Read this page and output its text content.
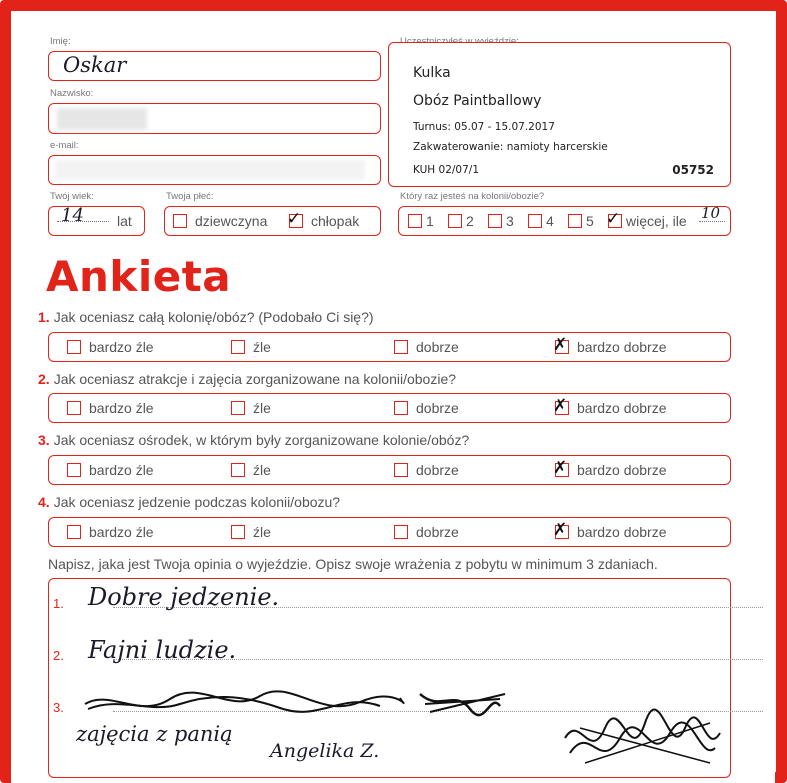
Imię:
Oskar
Nazwisko:
e-mail:
Twój wiek:
14 lat
Twoja płeć:
dziewczyna ✓ chłopak
Kulka
Obóz Paintballowy
Turnus: 05.07 - 15.07.2017
Zakwaterowanie: namioty harcerskie
KUH 02/07/1	05752
Który raz jesteś na kolonii/obozie?
1 2 3 4 5 ✓ więcej, ile 10
Ankieta
1. Jak oceniasz całą kolonię/obóz? (Podobało Ci się?)
bardzo źle	źle	dobrze	✗ bardzo dobrze
2. Jak oceniasz atrakcje i zajęcia zorganizowane na kolonii/obozie?
bardzo źle	źle	dobrze	✗ bardzo dobrze
3. Jak oceniasz ośrodek, w którym były zorganizowane kolonie/obóz?
bardzo źle	źle	dobrze	✗ bardzo dobrze
4. Jak oceniasz jedzenie podczas kolonii/obozu?
bardzo źle	źle	dobrze	✗ bardzo dobrze
Napisz, jaka jest Twoja opinia o wyjeździe. Opisz swoje wrażenia z pobytu w minimum 3 zdaniach.
1. Dobre jedzenie.
2. Fajni ludzie.
3.
zajęcia z panią
Angelika Z.
